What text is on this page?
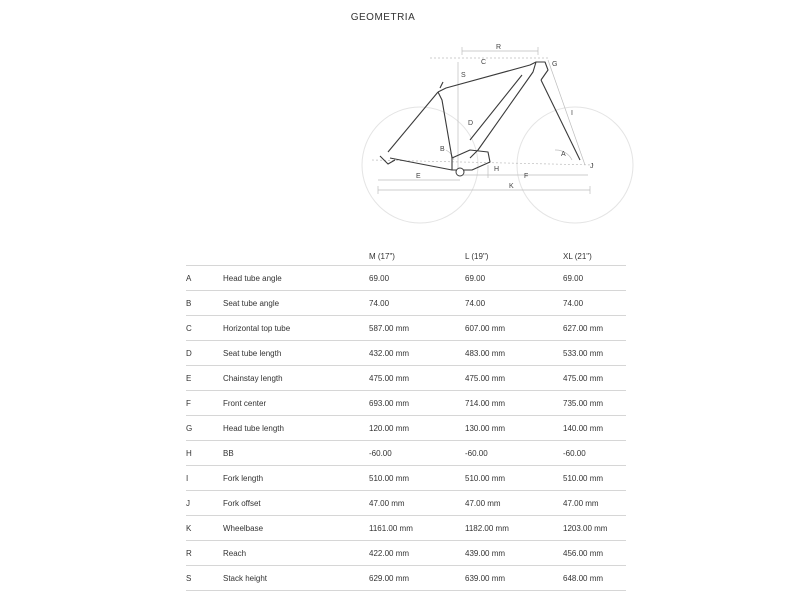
GEOMETRIA
R
C
S
G
I
D
B
A
J
H
E	F
K
		M (17")	L (19")	XL (21")
A	Head tube angle	69.00	69.00	69.00
B	Seat tube angle	74.00	74.00	74.00
C	Horizontal top tube	587.00 mm	607.00 mm	627.00 mm
D	Seat tube length	432.00 mm	483.00 mm	533.00 mm
E	Chainstay length	475.00 mm	475.00 mm	475.00 mm
F	Front center	693.00 mm	714.00 mm	735.00 mm
G	Head tube length	120.00 mm	130.00 mm	140.00 mm
H	BB	-60.00	-60.00	-60.00
I	Fork length	510.00 mm	510.00 mm	510.00 mm
J	Fork offset	47.00 mm	47.00 mm	47.00 mm
K	Wheelbase	1161.00 mm	1182.00 mm	1203.00 mm
R	Reach	422.00 mm	439.00 mm	456.00 mm
S	Stack height	629.00 mm	639.00 mm	648.00 mm
